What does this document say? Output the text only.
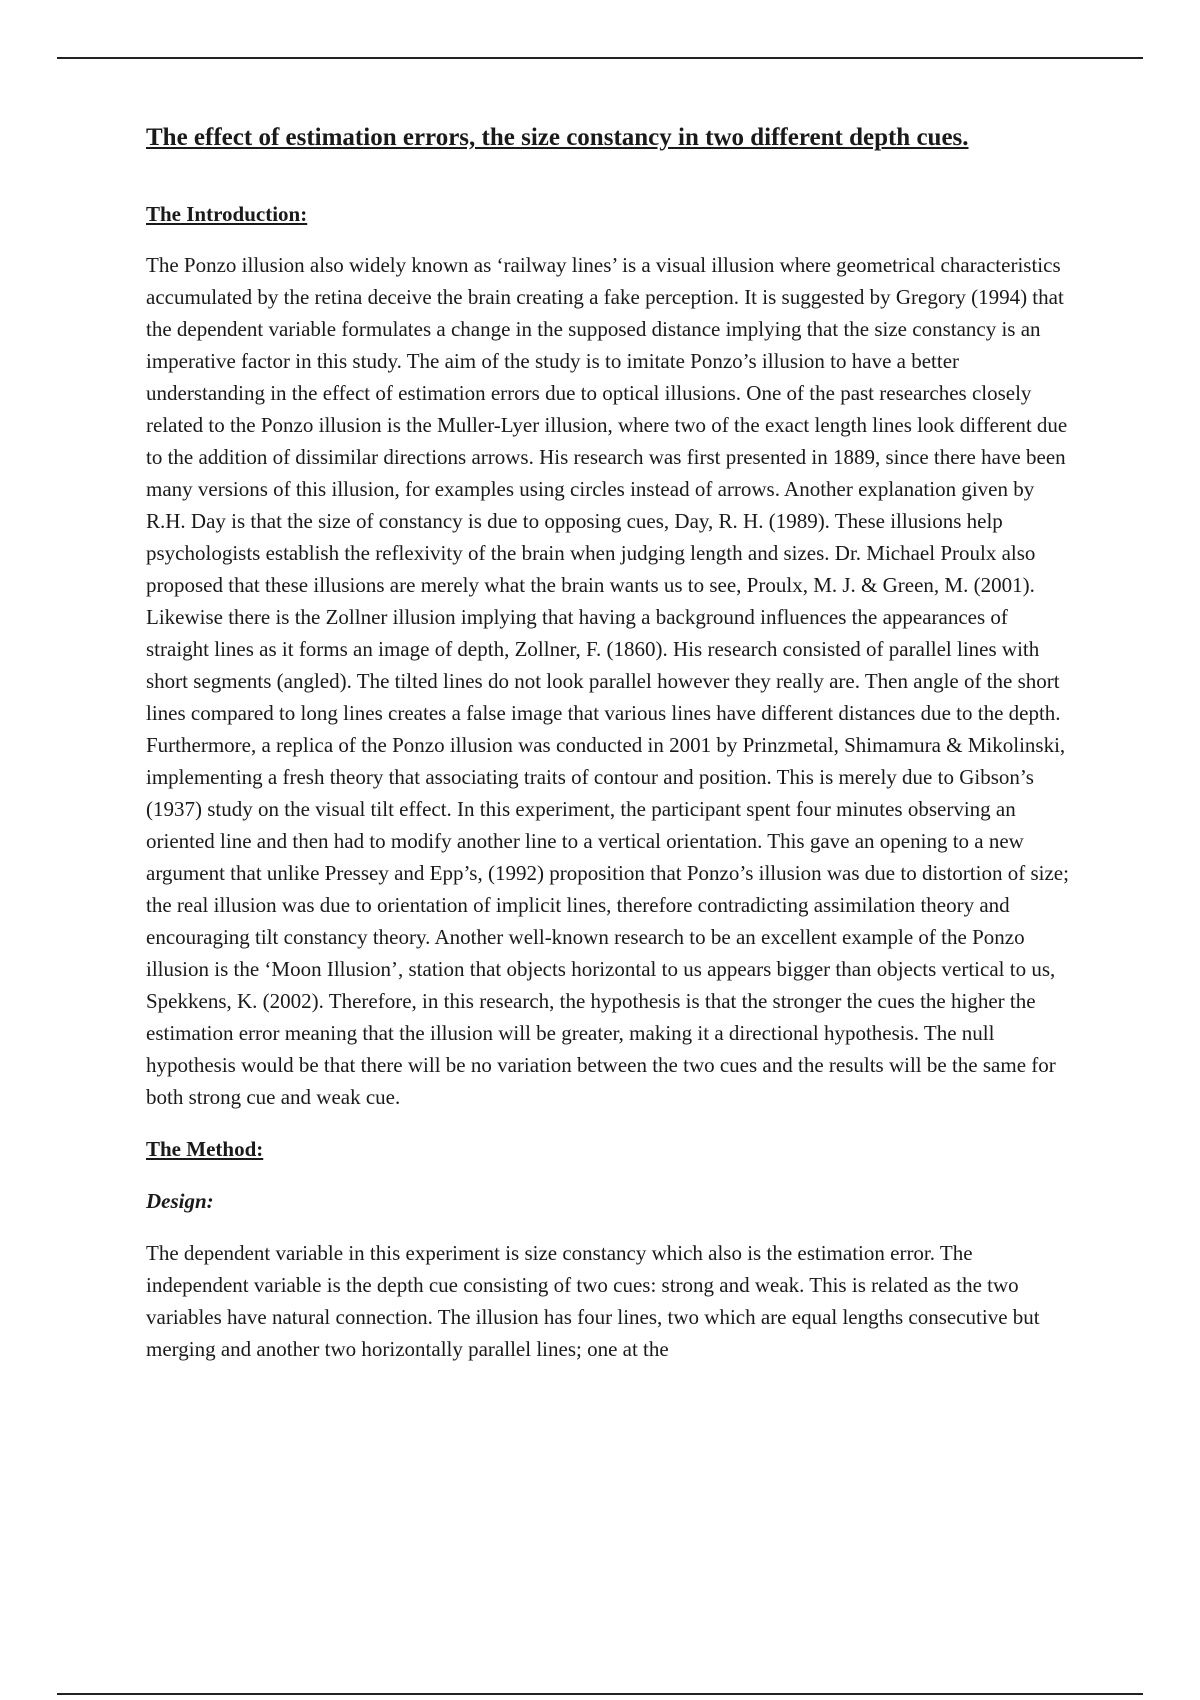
The effect of estimation errors, the size constancy in two different depth cues.
The Introduction:

The Ponzo illusion also widely known as ‘railway lines’ is a visual illusion where geometrical characteristics accumulated by the retina deceive the brain creating a fake perception. It is suggested by Gregory (1994) that the dependent variable formulates a change in the supposed distance implying that the size constancy is an imperative factor in this study. The aim of the study is to imitate Ponzo’s illusion to have a better understanding in the effect of estimation errors due to optical illusions. One of the past researches closely related to the Ponzo illusion is the Muller-Lyer illusion, where two of the exact length lines look different due to the addition of dissimilar directions arrows. His research was first presented in 1889, since there have been many versions of this illusion, for examples using circles instead of arrows. Another explanation given by R.H. Day is that the size of constancy is due to opposing cues, Day, R. H. (1989). These illusions help psychologists establish the reflexivity of the brain when judging length and sizes. Dr. Michael Proulx also proposed that these illusions are merely what the brain wants us to see, Proulx, M. J. & Green, M. (2001). Likewise there is the Zollner illusion implying that having a background influences the appearances of straight lines as it forms an image of depth, Zollner, F. (1860). His research consisted of parallel lines with short segments (angled). The tilted lines do not look parallel however they really are. Then angle of the short lines compared to long lines creates a false image that various lines have different distances due to the depth. Furthermore, a replica of the Ponzo illusion was conducted in 2001 by Prinzmetal, Shimamura & Mikolinski, implementing a fresh theory that associating traits of contour and position. This is merely due to Gibson’s (1937) study on the visual tilt effect. In this experiment, the participant spent four minutes observing an oriented line and then had to modify another line to a vertical orientation. This gave an opening to a new argument that unlike Pressey and Epp’s, (1992) proposition that Ponzo’s illusion was due to distortion of size; the real illusion was due to orientation of implicit lines, therefore contradicting assimilation theory and encouraging tilt constancy theory. Another well-known research to be an excellent example of the Ponzo illusion is the ‘Moon Illusion’, station that objects horizontal to us appears bigger than objects vertical to us, Spekkens, K. (2002). Therefore, in this research, the hypothesis is that the stronger the cues the higher the estimation error meaning that the illusion will be greater, making it a directional hypothesis. The null hypothesis would be that there will be no variation between the two cues and the results will be the same for both strong cue and weak cue.

The Method:
Design:

The dependent variable in this experiment is size constancy which also is the estimation error. The independent variable is the depth cue consisting of two cues: strong and weak. This is related as the two variables have natural connection. The illusion has four lines, two which are equal lengths consecutive but merging and another two horizontally parallel lines; one at the
